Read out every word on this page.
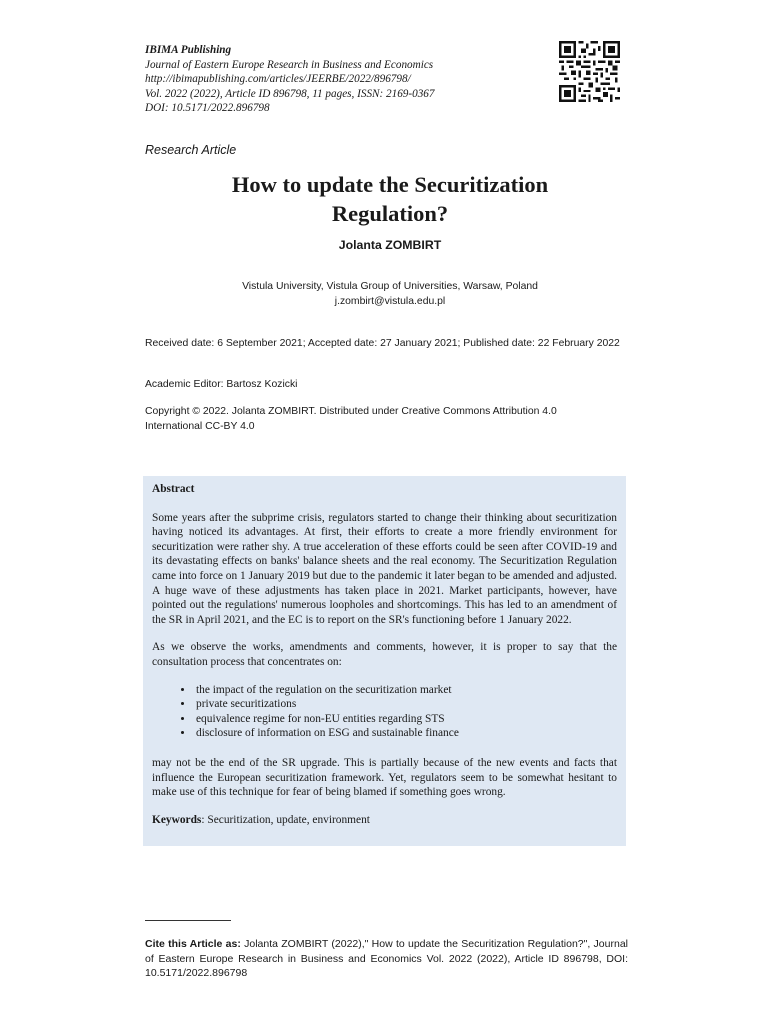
IBIMA Publishing
Journal of Eastern Europe Research in Business and Economics
http://ibimapublishing.com/articles/JEERBE/2022/896798/
Vol. 2022 (2022), Article ID 896798, 11 pages, ISSN: 2169-0367
DOI: 10.5171/2022.896798
Research Article
How to update the Securitization
Regulation?
Jolanta ZOMBIRT
Vistula University, Vistula Group of Universities, Warsaw, Poland
j.zombirt@vistula.edu.pl
Received date: 6 September 2021; Accepted date: 27 January 2021; Published date: 22 February 2022
Academic Editor: Bartosz Kozicki
Copyright © 2022. Jolanta ZOMBIRT. Distributed under Creative Commons Attribution 4.0 International CC-BY 4.0
Abstract

Some years after the subprime crisis, regulators started to change their thinking about securitization having noticed its advantages. At first, their efforts to create a more friendly environment for securitization were rather shy. A true acceleration of these efforts could be seen after COVID-19 and its devastating effects on banks' balance sheets and the real economy. The Securitization Regulation came into force on 1 January 2019 but due to the pandemic it later began to be amended and adjusted. A huge wave of these adjustments has taken place in 2021. Market participants, however, have pointed out the regulations' numerous loopholes and shortcomings. This has led to an amendment of the SR in April 2021, and the EC is to report on the SR's functioning before 1 January 2022.

As we observe the works, amendments and comments, however, it is proper to say that the consultation process that concentrates on:

• the impact of the regulation on the securitization market
• private securitizations
• equivalence regime for non-EU entities regarding STS
• disclosure of information on ESG and sustainable finance

may not be the end of the SR upgrade. This is partially because of the new events and facts that influence the European securitization framework. Yet, regulators seem to be somewhat hesitant to make use of this technique for fear of being blamed if something goes wrong.

Keywords: Securitization, update, environment
Cite this Article as: Jolanta ZOMBIRT (2022)," How to update the Securitization Regulation?", Journal of Eastern Europe Research in Business and Economics Vol. 2022 (2022), Article ID 896798, DOI: 10.5171/2022.896798
